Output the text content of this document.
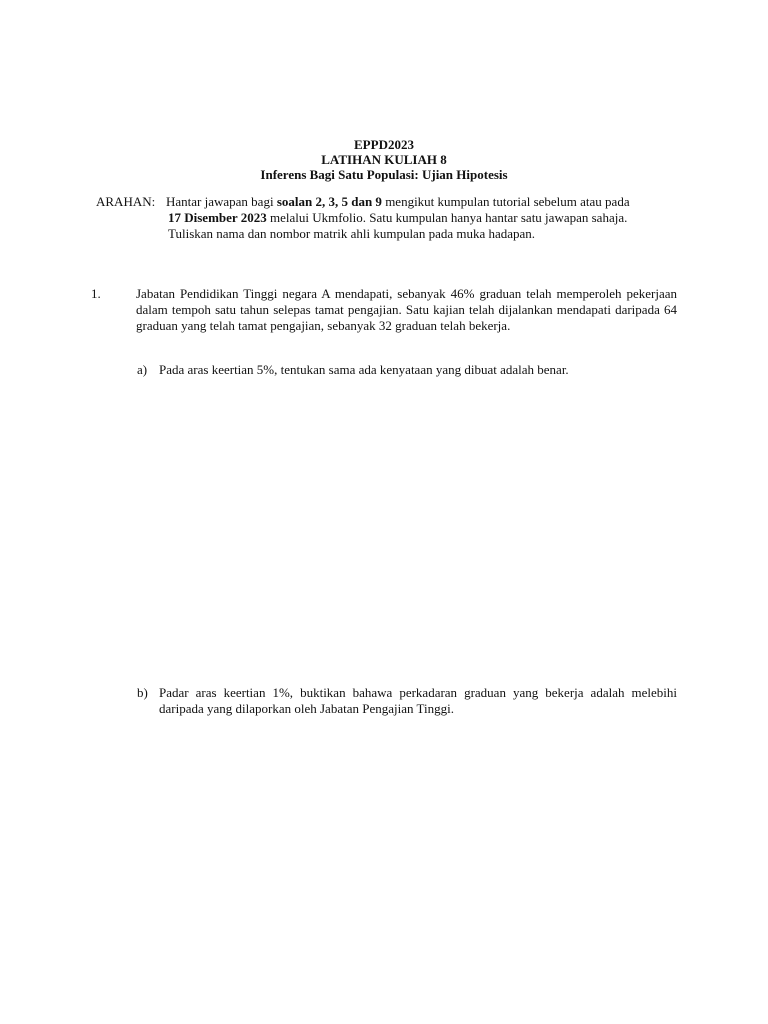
EPPD2023
LATIHAN KULIAH 8
Inferens Bagi Satu Populasi: Ujian Hipotesis
ARAHAN: Hantar jawapan bagi soalan 2, 3, 5 dan 9 mengikut kumpulan tutorial sebelum atau pada
17 Disember 2023 melalui Ukmfolio. Satu kumpulan hanya hantar satu jawapan sahaja.
Tuliskan nama dan nombor matrik ahli kumpulan pada muka hadapan.
1.	Jabatan Pendidikan Tinggi negara A mendapati, sebanyak 46% graduan telah memperoleh pekerjaan dalam tempoh satu tahun selepas tamat pengajian. Satu kajian telah dijalankan mendapati daripada 64 graduan yang telah tamat pengajian, sebanyak 32 graduan telah bekerja.
a) Pada aras keertian 5%, tentukan sama ada kenyataan yang dibuat adalah benar.
b) Padar aras keertian 1%, buktikan bahawa perkadaran graduan yang bekerja adalah melebihi daripada yang dilaporkan oleh Jabatan Pengajian Tinggi.
